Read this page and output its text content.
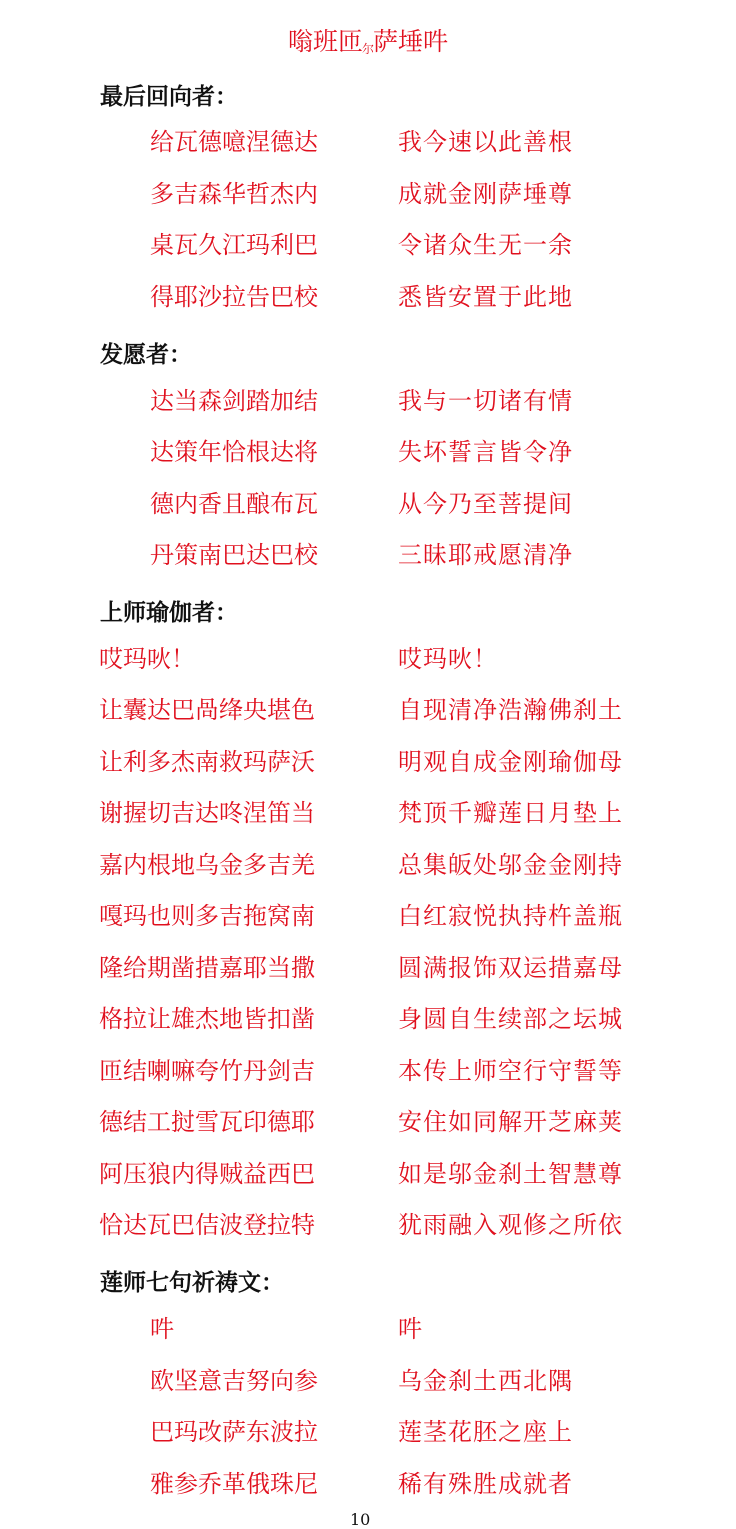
嗡班匝尔萨埵吽
最后回向者：
给瓦德噫涅德达	我今速以此善根
多吉森华哲杰内	成就金刚萨埵尊
桌瓦久江玛利巴	令诸众生无一余
得耶沙拉告巴校	悉皆安置于此地
发愿者：
达当森剑踏加结	我与一切诸有情
达策年恰根达将	失坏誓言皆令净
德内香且酿布瓦	从今乃至菩提间
丹策南巴达巴校	三昧耶戒愿清净
上师瑜伽者：
哎玛吙！	哎玛吙！
让囊达巴咼绛央堪色	自现清净浩瀚佛刹土
让利多杰南救玛萨沃	明观自成金刚瑜伽母
谢握切吉达咚涅笛当	梵顶千瓣莲日月垫上
嘉内根地乌金多吉羌	总集皈处邬金金刚持
嘎玛也则多吉拖窝南	白红寂悦执持杵盖瓶
隆给期凿措嘉耶当撒	圆满报饰双运措嘉母
格拉让雄杰地皆扣凿	身圆自生续部之坛城
匝结喇嘛夸竹丹剑吉	本传上师空行守誓等
德结工挝雪瓦印德耶	安住如同解开芝麻荚
阿压狼内得贼益西巴	如是邬金刹土智慧尊
恰达瓦巴佶波登拉特	犹雨融入观修之所依
莲师七句祈祷文：
吽	吽
欧坚意吉努向参	乌金刹土西北隅
巴玛改萨东波拉	莲茎花胚之座上
雅参乔革俄珠尼	稀有殊胜成就者
10
